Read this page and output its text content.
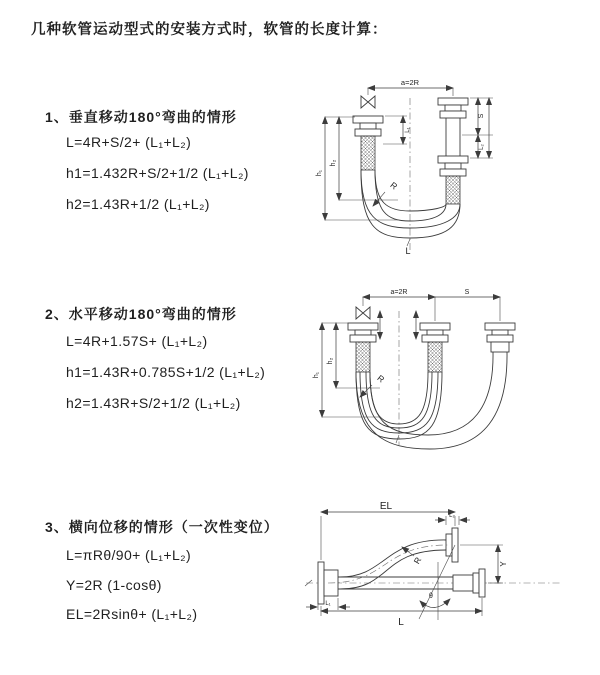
几种软管运动型式的安装方式时，软管的长度计算：
1、垂直移动180°弯曲的情形
L=4R+S/2+ (L₁+L₂)
h1=1.432R+S/2+1/2 (L₁+L₂)
h2=1.43R+1/2 (L₁+L₂)
2、水平移动180°弯曲的情形
L=4R+1.57S+ (L₁+L₂)
h1=1.43R+0.785S+1/2 (L₁+L₂)
h2=1.43R+S/2+1/2 (L₁+L₂)
3、横向位移的情形（一次性变位）
L=πRθ/90+ (L₁+L₂)
Y=2R (1-cosθ)
EL=2Rsinθ+ (L₁+L₂)
a=2R
h₁
h₂
L₁
S
L₂
R
L
a=2R	S
h₁
h₂
R
EL
L₂
R
θ
Y
L
L₁
